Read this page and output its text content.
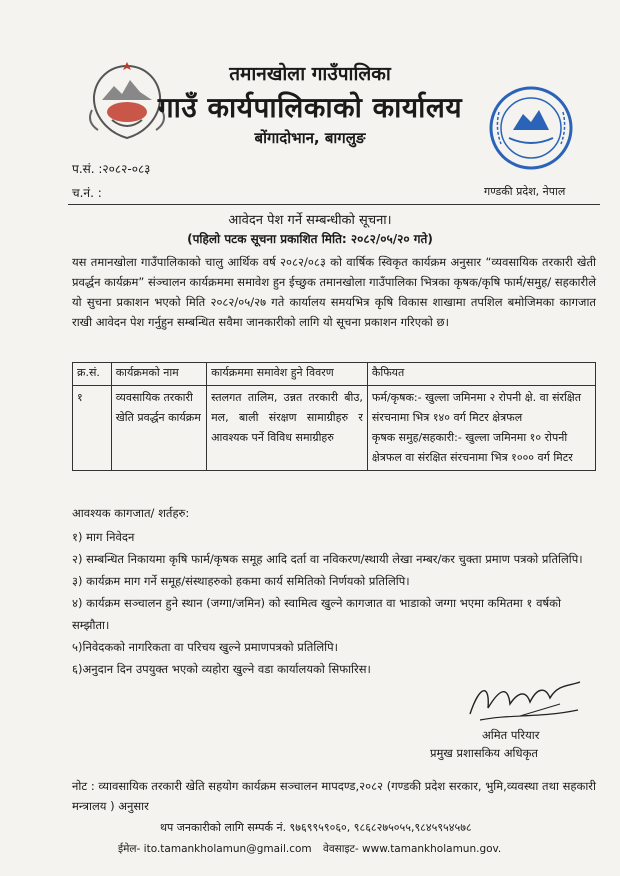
तमानखोला गाउँपालिका
गाउँ कार्यपालिकाको कार्यालय
बोंगादोभान, बागलुङ
प.सं. :२०८२-०८३
च.नं. :	गण्डकी प्रदेश, नेपाल
आवेदन पेश गर्ने सम्बन्धीको सूचना।
(पहिलो पटक सूचना प्रकाशित मिति: २०८२/०५/२० गते)
यस तमानखोला गाउँपालिकाको चालु आर्थिक वर्ष २०८२/०८३ को वार्षिक स्विकृत कार्यक्रम अनुसार “व्यवसायिक तरकारी खेती प्रवर्द्धन कार्यक्रम” संञ्चालन कार्यक्रममा समावेश हुन ईच्छुक तमानखोला गाउँपालिका भित्रका कृषक/कृषि फार्म/समुह/ सहकारीले यो सुचना प्रकाशन भएको मिति २०८२/०५/२७ गते कार्यालय समयभित्र कृषि विकास शाखामा तपशिल बमोजिमका कागजात राखी आवेदन पेश गर्नुहुन सम्बन्धित सवैमा जानकारीको लागि यो सूचना प्रकाशन गरिएको छ।
क्र.सं.	कार्यक्रमको नाम	कार्यक्रममा समावेश हुने विवरण	कैफियत
१	व्यवसायिक तरकारी खेति प्रवर्द्धन कार्यक्रम	स्तलगत तालिम, उन्नत तरकारी बीउ, मल, बाली संरक्षण सामाग्रीहरु र आवश्यक पर्ने विविध समाग्रीहरु	फर्म/कृषक:- खुल्ला जमिनमा २ रोपनी क्षे. वा संरक्षित संरचनामा भित्र १४० वर्ग मिटर क्षेत्रफल
कृषक समुह/सहकारी:- खुल्ला जमिनमा १० रोपनी क्षेत्रफल वा संरक्षित संरचनामा भित्र १००० वर्ग मिटर
आवश्यक कागजात/ शर्तहरु:
१) माग निवेदन
२) सम्बन्धित निकायमा कृषि फार्म/कृषक समूह आदि दर्ता वा नविकरण/स्थायी लेखा नम्बर/कर चुक्ता प्रमाण पत्रको प्रतिलिपि।
३) कार्यक्रम माग गर्ने समूह/संस्थाहरुको हकमा कार्य समितिको निर्णयको प्रतिलिपि।
४) कार्यक्रम सञ्चालन हुने स्थान (जग्गा/जमिन) को स्वामित्व खुल्ने कागजात वा भाडाको जग्गा भएमा कमितमा १ वर्षको सम्झौता।
५)निवेदकको नागरिकता वा परिचय खुल्ने प्रमाणपत्रको प्रतिलिपि।
६)अनुदान दिन उपयुक्त भएको व्यहोरा खुल्ने वडा कार्यालयको सिफारिस।
अमित परियार
प्रमुख प्रशासकिय अधिकृत
नोट : व्यावसायिक तरकारी खेति सहयोग कार्यक्रम सञ्चालन मापदण्ड,२०८२ (गण्डकी प्रदेश सरकार, भुमि,व्यवस्था तथा सहकारी मन्त्रालय ) अनुसार
थप जनकारीको लागि सम्पर्क नं. ९७६९९५९०६०, ९८६८२७५०५५,९८४५९५४५७८
ईमेल- ito.tamankholamun@gmail.com वेवसाइट- www.tamankholamun.gov.
